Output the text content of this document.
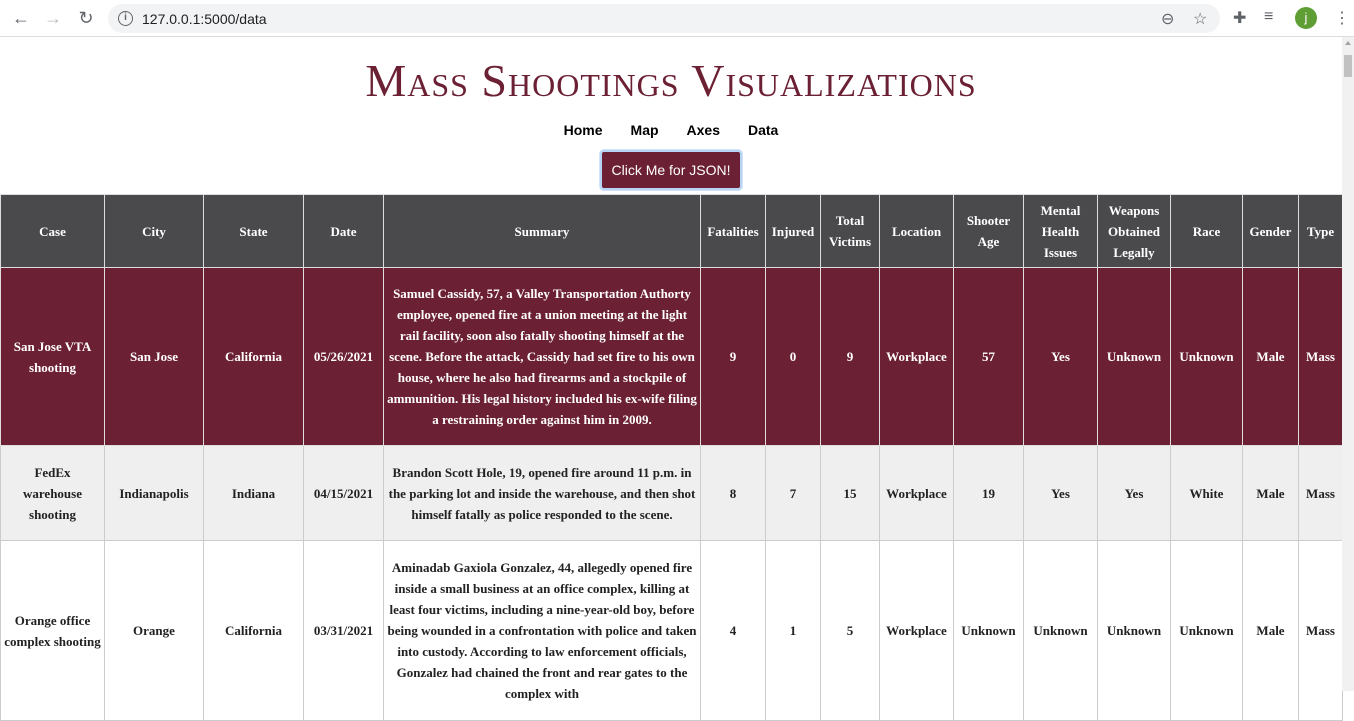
← → ↻	i	127.0.0.1:5000/data	⊖ ☆ ✚ ≡	j	⋮
Mass Shootings Visualizations
Home Map Axes Data
Click Me for JSON!
Case	City	State	Date	Summary	Fatalities	Injured	Total Victims	Location	Shooter Age	Mental Health Issues	Weapons Obtained Legally	Race	Gender	Type
San Jose VTA shooting	San Jose	California	05/26/2021	Samuel Cassidy, 57, a Valley Transportation Authorty employee, opened fire at a union meeting at the light rail facility, soon also fatally shooting himself at the scene. Before the attack, Cassidy had set fire to his own house, where he also had firearms and a stockpile of ammunition. His legal history included his ex-wife filing a restraining order against him in 2009.	9	0	9	Workplace	57	Yes	Unknown	Unknown	Male	Mass
FedEx warehouse shooting	Indianapolis	Indiana	04/15/2021	Brandon Scott Hole, 19, opened fire around 11 p.m. in the parking lot and inside the warehouse, and then shot himself fatally as police responded to the scene.	8	7	15	Workplace	19	Yes	Yes	White	Male	Mass
Orange office complex shooting	Orange	California	03/31/2021	Aminadab Gaxiola Gonzalez, 44, allegedly opened fire inside a small business at an office complex, killing at least four victims, including a nine-year-old boy, before being wounded in a confrontation with police and taken into custody. According to law enforcement officials, Gonzalez had chained the front and rear gates to the complex with	4	1	5	Workplace	Unknown	Unknown	Unknown	Unknown	Male	Mass
